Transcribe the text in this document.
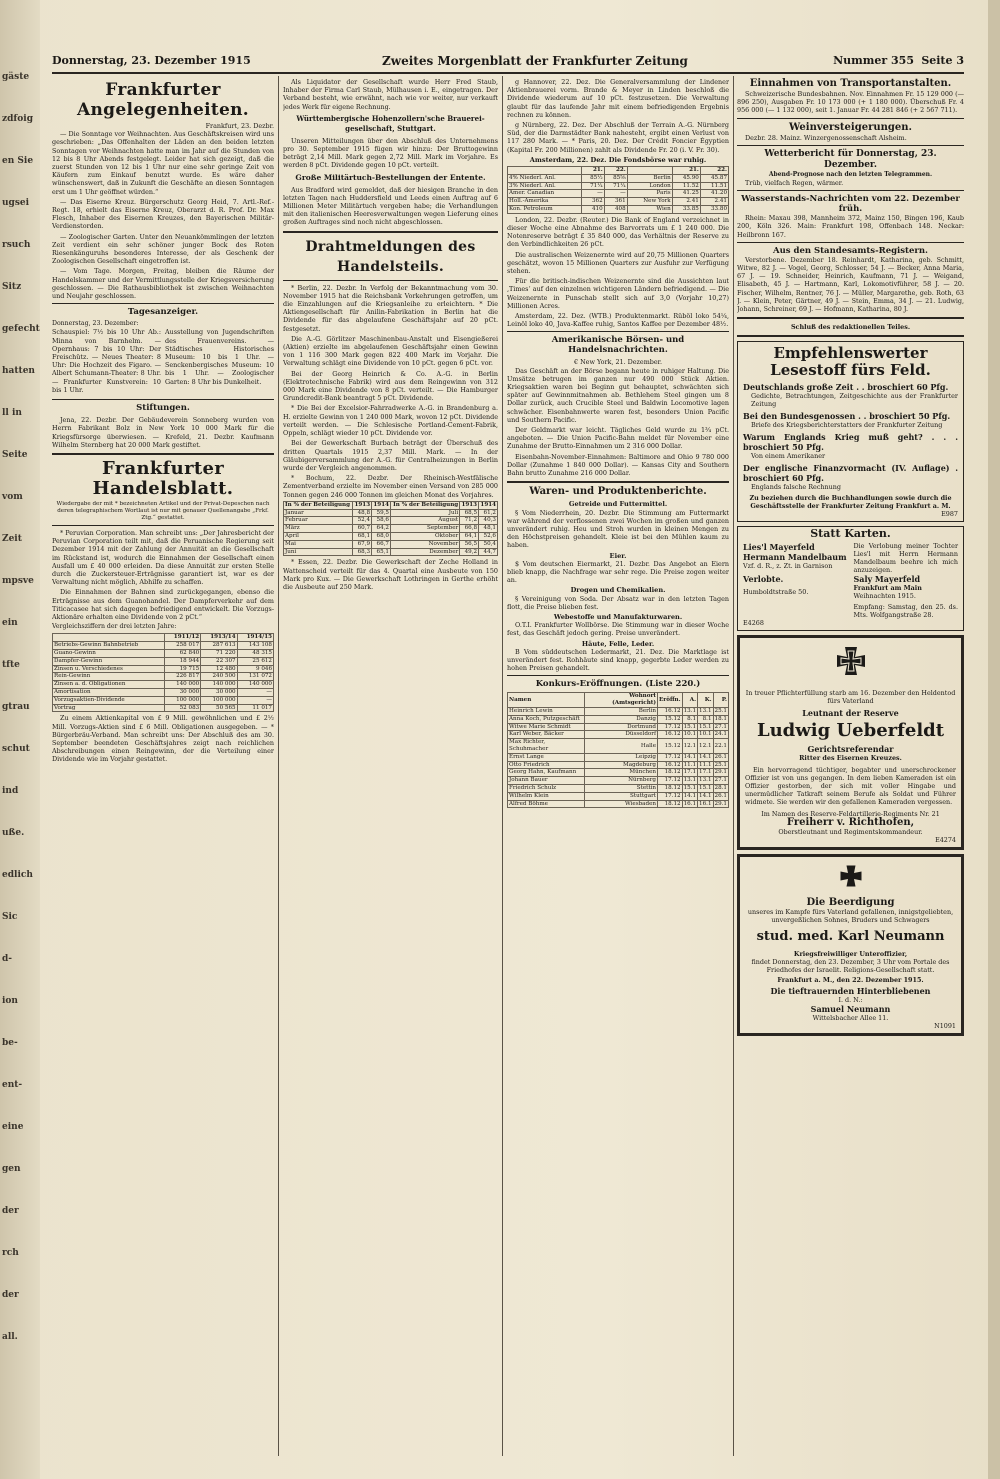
gäste
zdfoig
en Sie
ugsei
rsuch
Sitz
gefecht
hatten
ll in
Seite
vom
Zeit
mpsve
ein
tfte
gtrau
schut
ind
uße.
edlich
Sic
d-
ion
be-
ent-
eine
gen
der
rch
der
all.
Donnerstag, 23. Dezember 1915	Zweites Morgenblatt der Frankfurter Zeitung	Nummer 355 Seite 3
Frankfurter Angelegenheiten.
Frankfurt, 23. Dezbr.

— Die Sonntage vor Weihnachten. Aus Geschäftskreisen wird uns geschrieben: „Das Offenhalten der Läden an den beiden letzten Sonntagen vor Weihnachten hatte man im Jahr auf die Stunden von 12 bis 8 Uhr Abends festgelegt. Leider hat sich gezeigt, daß die zuerst Stunden von 12 bis 1 Uhr nur eine sehr geringe Zeit von Käufern zum Einkauf benutzt wurde. Es wäre daher wünschenswert, daß in Zukunft die Geschäfte an diesen Sonntagen erst um 1 Uhr geöffnet würden.“

— Das Eiserne Kreuz. Bürgerschutz Georg Heid, 7. Artl.-Ref.-Regt. 18, erhielt das Eiserne Kreuz, Oberarzt d. R. Prof. Dr. Max Flesch, Inhaber des Eisernen Kreuzes, den Bayerischen Militär-Verdienstorden.

— Zoologischer Garten. Unter den Neuankömmlingen der letzten Zeit verdient ein sehr schöner junger Bock des Roten Riesenkänguruhs besonderes Interesse, der als Geschenk der Zoologischen Gesellschaft eingetroffen ist.

— Vom Tage. Morgen, Freitag, bleiben die Räume der Handelskammer und der Vermittlungsstelle der Kriegsversicherung geschlossen. — Die Rathausbibliothek ist zwischen Weihnachten und Neujahr geschlossen.

Tagesanzeiger.
Donnerstag, 23. Dezember:

Schauspiel: 7½ bis 10 Uhr Ab.: Minna von Barnhelm. — Opernhaus: 7 bis 10 Uhr: Der Freischütz. — Neues Theater: 8 Uhr: Die Hochzeit des Figaro. — Albert Schumann-Theater: 8 Uhr. — Frankfurter Kunstverein: 10 bis 1 Uhr.

Ausstellung von Jugendschriften des Frauenvereins. — Städtisches Historisches Museum: 10 bis 1 Uhr. — Senckenbergisches Museum: 10 bis 1 Uhr. — Zoologischer Garten: 8 Uhr bis Dunkelheit.

Stiftungen.

Jena, 22. Dezbr. Der Gebäudeverein Sonneberg wurden von Herrn Fabrikant Bolz in New York 10 000 Mark für die Kriegsfürsorge überwiesen. — Krefeld, 21. Dezbr. Kaufmann Wilhelm Sternberg hat 20 000 Mark gestiftet.

Frankfurter Handelsblatt.
Wiedergabe der mit * bezeichneten Artikel und der Privat-Depeschen nach deren telegraphischem Wortlaut ist nur mit genauer Quellenangabe „Frkf. Ztg.“ gestattet.

* Peruvian Corporation. Man schreibt uns: „Der Jahresbericht der Peruvian Corporation teilt mit, daß die Peruanische Regierung seit Dezember 1914 mit der Zahlung der Annuität an die Gesellschaft im Rückstand ist, wodurch die Einnahmen der Gesellschaft einen Ausfall um £ 40 000 erleiden. Da diese Annuität zur ersten Stelle durch die Zuckersteuer-Erträgnisse garantiert ist, war es der Verwaltung nicht möglich, Abhilfe zu schaffen.

Die Einnahmen der Bahnen sind zurückgegangen, ebenso die Erträgnisse aus dem Guanohandel. Der Dampferverkehr auf dem Titicacasee hat sich dagegen befriedigend entwickelt. Die Vorzugs-Aktionäre erhalten eine Dividende von 2 pCt.“

Vergleichsziffern der drei letzten Jahre:
	1911/12	1913/14	1914/15
Betriebs-Gewinn Bahnbetrieb	258 017	287 613	143 108
Guano-Gewinn	62 840	71 220	48 315
Dampfer-Gewinn	18 944	22 307	25 612
Zinsen u. Verschiedenes	19 715	12 480	9 046
Rein-Gewinn	226 817	240 500	131 072
Zinsen a. d. Obligationen	140 000	140 000	140 000
Amortisation	30 000	30 000	—
Vorzugsaktien-Dividende	100 000	100 000	—
Vortrag	52 083	50 565	11 017

Zu einem Aktienkapital von £ 9 Mill. gewöhnlichen und £ 2½ Mill. Vorzugs-Aktien sind £ 6 Mill. Obligationen ausgegeben. — * Bürgerbräu-Verband. Man schreibt uns: Der Abschluß des am 30. September beendeten Geschäftsjahres zeigt nach reichlichen Abschreibungen einen Reingewinn, der die Verteilung einer Dividende wie im Vorjahr gestattet.

Als Liquidator der Gesellschaft wurde Herr Fred Staub, Inhaber der Firma Carl Staub, Mülhausen i. E., eingetragen. Der Verband besteht, wie erwähnt, nach wie vor weiter, nur verkauft jedes Werk für eigene Rechnung.

Württembergische Hohenzollern'sche Brauerei-gesellschaft, Stuttgart.

Unseren Mitteilungen über den Abschluß des Unternehmens pro 30. September 1915 fügen wir hinzu: Der Bruttogewinn beträgt 2,14 Mill. Mark gegen 2,72 Mill. Mark im Vorjahre. Es werden 8 pCt. Dividende gegen 10 pCt. verteilt.

Große Militärtuch-Bestellungen der Entente.

Aus Bradford wird gemeldet, daß der hiesigen Branche in den letzten Tagen nach Huddersfield und Leeds einen Auftrag auf 6 Millionen Meter Militärtuch vergeben habe; die Verhandlungen mit den italienischen Heeresverwaltungen wegen Lieferung eines großen Auftrages sind noch nicht abgeschlossen.

Drahtmeldungen des Handelsteils.

* Berlin, 22. Dezbr. In Verfolg der Bekanntmachung vom 30. November 1915 hat die Reichsbank Vorkehrungen getroffen, um die Einzahlungen auf die Kriegsanleihe zu erleichtern. * Die Aktiengesellschaft für Anilin-Fabrikation in Berlin hat die Dividende für das abgelaufene Geschäftsjahr auf 20 pCt. festgesetzt.

Die A.-G. Görlitzer Maschinenbau-Anstalt und Eisengießerei (Aktien) erzielte im abgelaufenen Geschäftsjahr einen Gewinn von 1 116 300 Mark gegen 822 400 Mark im Vorjahr. Die Verwaltung schlägt eine Dividende von 10 pCt. gegen 6 pCt. vor.

Bei der Georg Heinrich & Co. A.-G. in Berlin (Elektrotechnische Fabrik) wird aus dem Reingewinn von 312 000 Mark eine Dividende von 8 pCt. verteilt. — Die Hamburger Grundcredit-Bank beantragt 5 pCt. Dividende.

* Die Bei der Excelsior-Fahrradwerke A.-G. in Brandenburg a. H. erzielte Gewinn von 1 240 000 Mark, wovon 12 pCt. Dividende verteilt werden. — Die Schlesische Portland-Cement-Fabrik, Oppeln, schlägt wieder 10 pCt. Dividende vor.

Bei der Gewerkschaft Burbach beträgt der Überschuß des dritten Quartals 1915 2,37 Mill. Mark. — In der Gläubigerversammlung der A.-G. für Centralheizungen in Berlin wurde der Vergleich angenommen.

* Bochum, 22. Dezbr. Der Rheinisch-Westfälische Zementverband erzielte im November einen Versand von 285 000 Tonnen gegen 246 000 Tonnen im gleichen Monat des Vorjahres.

In % der Beteiligung	1913	1914	In % der Beteiligung	1913	1914
Januar	48,8	59,5	Juli	68,5	61,2
Februar	52,4	58,6	August	71,2	40,3
März	60,7	64,2	September	66,8	48,1
April	68,1	68,0	Oktober	64,1	52,6
Mai	67,9	66,7	November	56,5	50,4
Juni	68,3	65,1	Dezember	49,2	44,7

* Essen, 22. Dezbr. Die Gewerkschaft der Zeche Holland in Wattenscheid verteilt für das 4. Quartal eine Ausbeute von 150 Mark pro Kux. — Die Gewerkschaft Lothringen in Gerthe erhöht die Ausbeute auf 250 Mark.

g Hannover, 22. Dez. Die Generalversammlung der Lindener Aktienbrauerei vorm. Brande & Meyer in Linden beschloß die Dividende wiederum auf 10 pCt. festzusetzen. Die Verwaltung glaubt für das laufende Jahr mit einem befriedigenden Ergebnis rechnen zu können.

g Nürnberg, 22. Dez. Der Abschluß der Terrain A.-G. Nürnberg Süd, der die Darmstädter Bank nahesteht, ergibt einen Verlust von 117 280 Mark. — * Paris, 20. Dez. Der Crédit Foncier Égyptien (Kapital Fr. 200 Millionen) zahlt als Dividende Fr. 20 (i. V. Fr. 30).

Amsterdam, 22. Dez. Die Fondsbörse war ruhig.
	21.	22.		21.	22.
4% Niederl. Anl.	85½	85⅝	Berlin	45.90	45.87
3% Niederl. Anl.	71¼	71¼	London	11.52	11.51
Amer. Canadian	—	—	Paris	41.25	41.20
Holl.-Amerika	362	361	New York	2.41	2.41
Kon. Petroleum	410	408	Wien	33.85	33.80

London, 22. Dezbr. (Reuter.) Die Bank of England verzeichnet in dieser Woche eine Abnahme des Barvorrats um £ 1 240 000. Die Notenreserve beträgt £ 35 840 000, das Verhältnis der Reserve zu den Verbindlichkeiten 26 pCt.

Die australischen Weizenernte wird auf 20,75 Millionen Quarters geschätzt, wovon 15 Millionen Quarters zur Ausfuhr zur Verfügung stehen.

Für die britisch-indischen Weizenernte sind die Aussichten laut ‚Times‘ auf den einzelnen wichtigeren Ländern befriedigend. — Die Weizenernte in Punschab stellt sich auf 3,0 (Vorjahr 10,27) Millionen Acres.

Amsterdam, 22. Dez. (WTB.) Produktenmarkt. Rüböl loko 54¼, Leinöl loko 40, Java-Kaffee ruhig, Santos Kaffee per Dezember 48½.

Amerikanische Börsen- und Handelsnachrichten.
€ New York, 21. Dezember.

Das Geschäft an der Börse begann heute in ruhiger Haltung. Die Umsätze betrugen im ganzen nur 490 000 Stück Aktien. Kriegsaktien waren bei Beginn gut behauptet, schwächten sich später auf Gewinnmitnahmen ab. Bethlehem Steel gingen um 8 Dollar zurück, auch Crucible Steel und Baldwin Locomotive lagen schwächer. Eisenbahnwerte waren fest, besonders Union Pacific und Southern Pacific.

Der Geldmarkt war leicht. Tägliches Geld wurde zu 1¾ pCt. angeboten. — Die Union Pacific-Bahn meldet für November eine Zunahme der Brutto-Einnahmen um 2 316 000 Dollar.

Eisenbahn-November-Einnahmen: Baltimore and Ohio 9 780 000 Dollar (Zunahme 1 840 000 Dollar). — Kansas City and Southern Bahn brutto Zunahme 216 000 Dollar.

Waren- und Produktenberichte.
Getreide und Futtermittel.

§ Vom Niederrhein, 20. Dezbr. Die Stimmung am Futtermarkt war während der verflossenen zwei Wochen im großen und ganzen unverändert ruhig. Heu und Stroh wurden in kleinen Mengen zu den Höchstpreisen gehandelt. Kleie ist bei den Mühlen kaum zu haben.

Eier.

$ Vom deutschen Eiermarkt, 21. Dezbr. Das Angebot an Eiern blieb knapp, die Nachfrage war sehr rege. Die Preise zogen weiter an.

Drogen und Chemikalien.

§ Vereinigung von Soda. Der Absatz war in den letzten Tagen flott, die Preise blieben fest.

Webestoffe und Manufakturwaren.

O.T.I. Frankfurter Wollbörse. Die Stimmung war in dieser Woche fest, das Geschäft jedoch gering. Preise unverändert.

Häute, Felle, Leder.

B Vom süddeutschen Ledermarkt, 21. Dez. Die Marktlage ist unverändert fest. Rohhäute sind knapp, gegerbte Leder werden zu hohen Preisen gehandelt.

Konkurs-Eröffnungen. (Liste 220.)
Namen	Wohnort (Amtsgericht)	Eröffn.	A.	K.	P.
Heinrich Lewin	Berlin	16.12	13.1	13.1	25.1
Anna Koch, Putzgeschäft	Danzig	15.12	8.1	8.1	18.1
Witwe Marie Schmidt	Dortmund	17.12	15.1	15.1	27.1
Karl Weber, Bäcker	Düsseldorf	16.12	10.1	10.1	24.1
Max Richter, Schuhmacher	Halle	15.12	12.1	12.1	22.1
Ernst Lange	Leipzig	17.12	14.1	14.1	26.1
Otto Friedrich	Magdeburg	16.12	11.1	11.1	25.1
Georg Hahn, Kaufmann	München	18.12	17.1	17.1	29.1
Johann Bauer	Nürnberg	17.12	13.1	13.1	27.1
Friedrich Schulz	Stettin	18.12	15.1	15.1	28.1
Wilhelm Klein	Stuttgart	17.12	14.1	14.1	26.1
Alfred Böhme	Wiesbaden	18.12	16.1	16.1	29.1
Einnahmen von Transportanstalten.

Schweizerische Bundesbahnen. Nov. Einnahmen Fr. 15 129 000 (— 896 250), Ausgaben Fr. 10 173 000 (+ 1 180 000). Überschuß Fr. 4 956 000 (— 1 132 000), seit 1. Januar Fr. 44 281 846 (+ 2 567 711).

Weinversteigerungen.

Dezbr. 28. Mainz. Winzergenossenschaft Alsheim.

Wetterbericht für Donnerstag, 23. Dezember.
Abend-Prognose nach den letzten Telegrammen.

Trüb, vielfach Regen, wärmer.

Wasserstands-Nachrichten vom 22. Dezember früh.

Rhein: Maxau 398, Mannheim 372, Mainz 150, Bingen 196, Kaub 200, Köln 326. Main: Frankfurt 198, Offenbach 148. Neckar: Heilbronn 167.

Aus den Standesamts-Registern.

Verstorbene. Dezember 18. Reinhardt, Katharina, geb. Schmitt, Witwe, 82 J. — Vogel, Georg, Schlosser, 54 J. — Becker, Anna Maria, 67 J. — 19. Schneider, Heinrich, Kaufmann, 71 J. — Weigand, Elisabeth, 45 J. — Hartmann, Karl, Lokomotivführer, 58 J. — 20. Fischer, Wilhelm, Rentner, 76 J. — Müller, Margarethe, geb. Roth, 63 J. — Klein, Peter, Gärtner, 49 J. — Stein, Emma, 34 J. — 21. Ludwig, Johann, Schreiner, 69 J. — Hofmann, Katharina, 80 J.

Schluß des redaktionellen Teiles.
Empfehlenswerter Lesestoff fürs Feld.
Deutschlands große Zeit . . broschiert 60 Pfg.
Gedichte, Betrachtungen, Zeitgeschichte aus der Frankfurter Zeitung
Bei den Bundesgenossen . . broschiert 50 Pfg.
Briefe des Kriegsberichterstatters der Frankfurter Zeitung
Warum Englands Krieg muß geht? . . . broschiert 50 Pfg.
Von einem Amerikaner
Der englische Finanzvormacht (IV. Auflage) . broschiert 60 Pfg.
Englands falsche Rechnung
Zu beziehen durch die Buchhandlungen sowie durch die Geschäftsstelle der Frankfurter Zeitung Frankfurt a. M.
E987
Statt Karten.
Lies'l Mayerfeld
Hermann Mandelbaum
Vzf. d. R., z. Zt. in Garnison
Verlobte.
Humboldtstraße 50.
Die Verlobung meiner Tochter Lies'l mit Herrn Hermann Mandelbaum beehre ich mich anzuzeigen.
Saly Mayerfeld
Frankfurt am Main
Weihnachten 1915.
Empfang: Samstag, den 25. ds. Mts. Wolfgangstraße 28.
E4268
In treuer Pflichterfüllung starb am 16. Dezember den Heldentod fürs Vaterland
Leutnant der Reserve
Ludwig Ueberfeldt
Gerichtsreferendar
Ritter des Eisernen Kreuzes.

Ein hervorragend tüchtiger, begabter und unerschrockener Offizier ist von uns gegangen. In dem lieben Kameraden ist ein Offizier gestorben, der sich mit voller Hingabe und unermüdlicher Tatkraft seinem Berufe als Soldat und Führer widmete. Sie werden wir den gefallenen Kameraden vergessen.

Im Namen des Reserve-Feldartillerie-Regiments Nr. 21
Freiherr v. Richthofen,
Oberstleutnant und Regimentskommandeur.
E4274
Die Beerdigung
unseres im Kampfe fürs Vaterland gefallenen, innigstgeliebten, unvergeßlichen Sohnes, Bruders und Schwagers
stud. med. Karl Neumann
Kriegsfreiwilliger Unteroffizier,
findet Donnerstag, den 23. Dezember, 3 Uhr vom Portale des Friedhofes der Israelit. Religions-Gesellschaft statt.
Frankfurt a. M., den 22. Dezember 1915.
Die tieftrauernden Hinterbliebenen
I. d. N.:
Samuel Neumann
Wittelsbacher Allee 11.
N1091
